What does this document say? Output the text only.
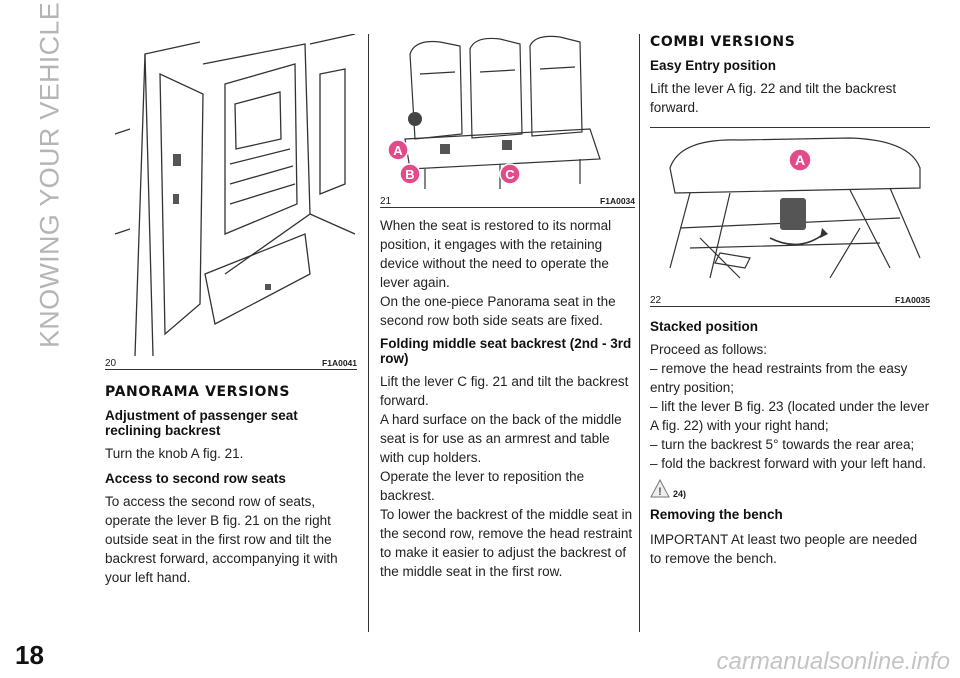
KNOWING YOUR VEHICLE
18	carmanualsonline.info
20	F1A0041
PANORAMA VERSIONS
Adjustment of passenger seat reclining backrest

Turn the knob A fig. 21.

Access to second row seats

To access the second row of seats, operate the lever B fig. 21 on the right outside seat in the first row and tilt the backrest forward, accompanying it with your left hand.

A
B	C
21	F1A0034

When the seat is restored to its normal position, it engages with the retaining device without the need to operate the lever again.

On the one-piece Panorama seat in the second row both side seats are fixed.

Folding middle seat backrest (2nd - 3rd row)

Lift the lever C fig. 21 and tilt the backrest forward.

A hard surface on the back of the middle seat is for use as an armrest and table with cup holders.

Operate the lever to reposition the backrest.

To lower the backrest of the middle seat in the second row, remove the head restraint to make it easier to adjust the backrest of the middle seat in the first row.

COMBI VERSIONS
Easy Entry position

Lift the lever A fig. 22 and tilt the backrest forward.

A
22	F1A0035
Stacked position

Proceed as follows:

– remove the head restraints from the easy entry position;

– lift the lever B fig. 23 (located under the lever A fig. 22) with your right hand;

– turn the backrest 5° towards the rear area;

– fold the backrest forward with your left hand.

! 24)
Removing the bench

IMPORTANT At least two people are needed to remove the bench.
